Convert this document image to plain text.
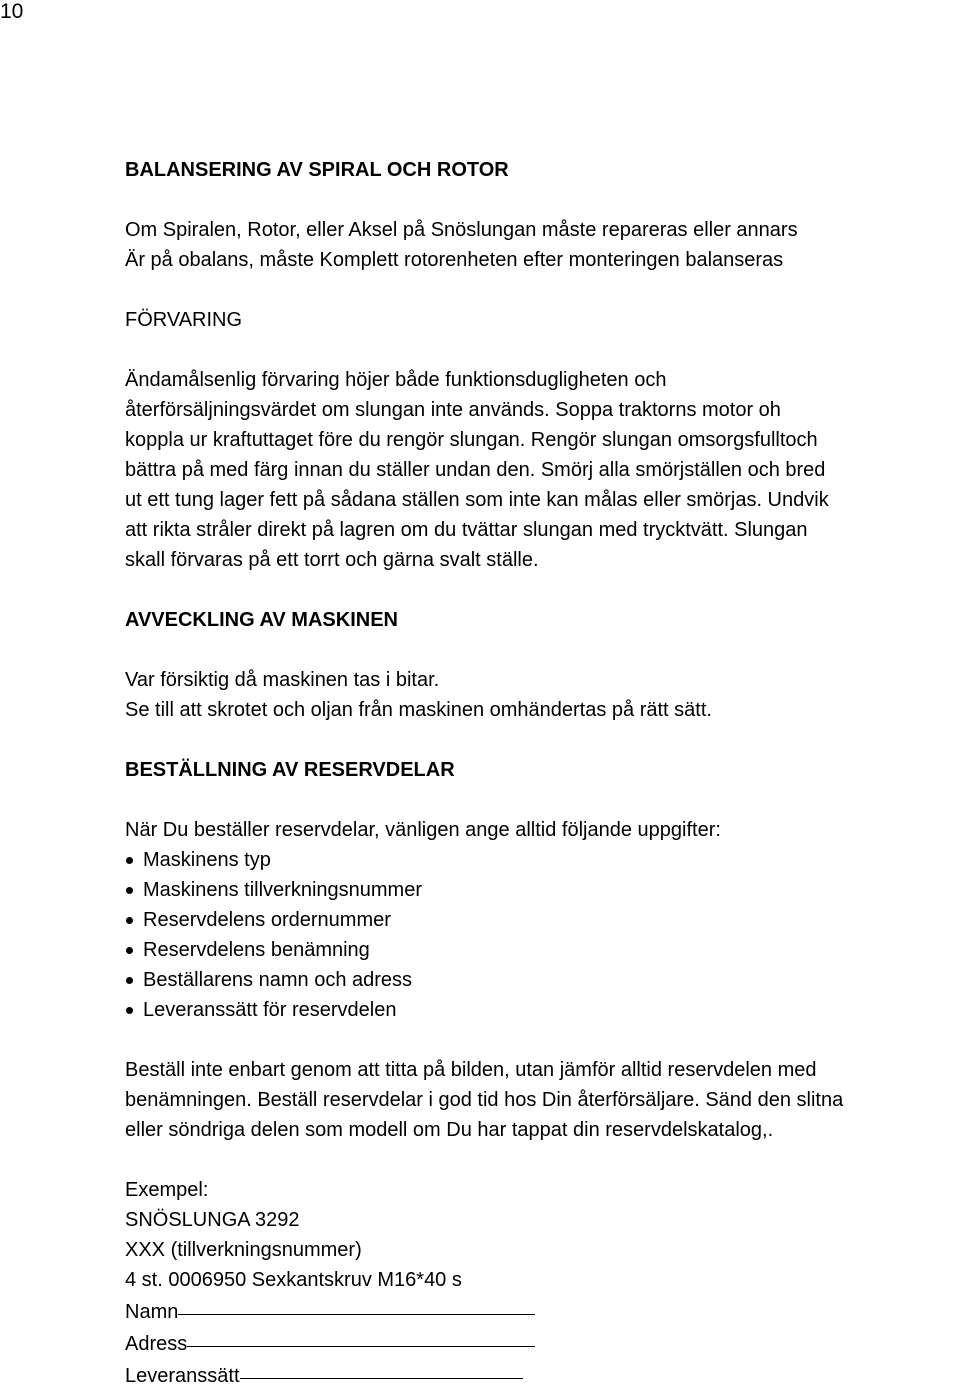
10
BALANSERING AV SPIRAL OCH ROTOR
Om Spiralen, Rotor, eller Aksel på Snöslungan måste repareras eller annars
Är på obalans, måste Komplett rotorenheten efter monteringen balanseras
FÖRVARING
Ändamålsenlig förvaring höjer både funktionsdugligheten och
återförsäljningsvärdet om slungan inte används. Soppa traktorns motor oh
koppla ur kraftuttaget före du rengör slungan. Rengör slungan omsorgsfulltoch
bättra på med färg innan du ställer undan den. Smörj alla smörjställen och bred
ut ett tung lager fett på sådana ställen som inte kan målas eller smörjas. Undvik
att rikta stråler direkt på lagren om du tvättar slungan med trycktvätt. Slungan
skall förvaras på ett torrt och gärna svalt ställe.
AVVECKLING AV MASKINEN
Var försiktig då maskinen tas i bitar.
Se till att skrotet och oljan från maskinen omhändertas på rätt sätt.
BESTÄLLNING AV RESERVDELAR
När Du beställer reservdelar, vänligen ange alltid följande uppgifter:
Maskinens typ
Maskinens tillverkningsnummer
Reservdelens ordernummer
Reservdelens benämning
Beställarens namn och adress
Leveranssätt för reservdelen
Beställ inte enbart genom att titta på bilden, utan jämför alltid reservdelen med
benämningen. Beställ reservdelar i god tid hos Din återförsäljare. Sänd den slitna
eller söndriga delen som modell om Du har tappat din reservdelskatalog,.
Exempel:
SNÖSLUNGA 3292
XXX (tillverkningsnummer)
4 st. 0006950 Sexkantskruv M16*40 s
Namn
Adress
Leveranssätt
